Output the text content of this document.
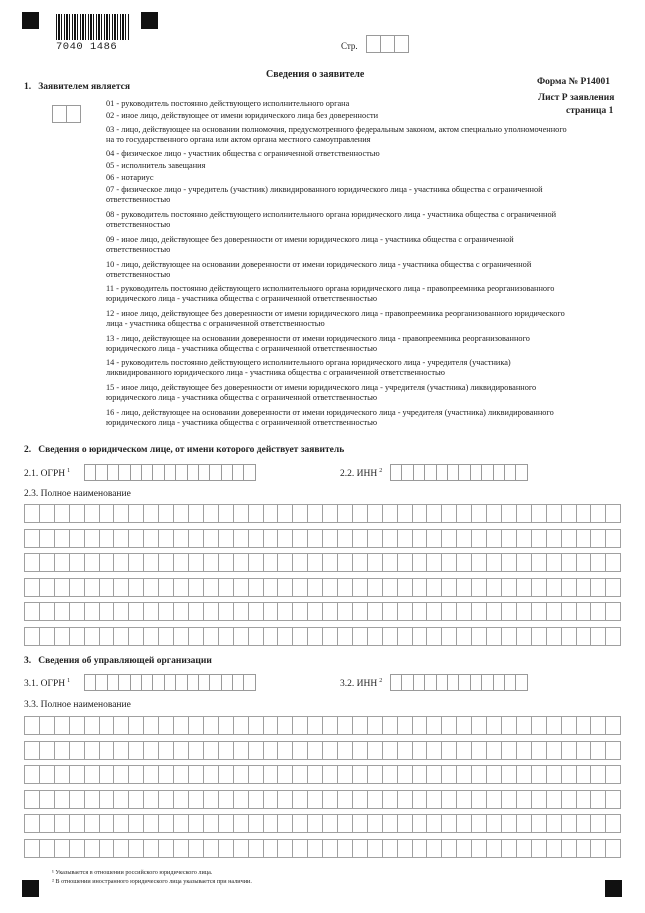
7040 1486	Стр.
Сведения о заявителе
Форма № Р14001
Лист Р заявления
страница 1
1.   Заявителем является
01 - руководитель постоянно действующего исполнительного органа
02 - иное лицо, действующее от имени юридического лица без доверенности
03 - лицо, действующее на основании полномочия, предусмотренного федеральным законом, актом специально уполномоченного на то государственного органа или актом органа местного самоуправления
04 - физическое лицо - участник общества с ограниченной ответственностью
05 - исполнитель завещания
06 - нотариус
07 - физическое лицо - учредитель (участник) ликвидированного юридического лица - участника общества с ограниченной ответственностью
08 - руководитель постоянно действующего исполнительного органа юридического лица - участника общества с ограниченной ответственностью
09 - иное лицо, действующее без доверенности от имени юридического лица - участника общества с ограниченной ответственностью
10 - лицо, действующее на основании доверенности от имени юридического лица - участника общества с ограниченной ответственностью
11 - руководитель постоянно действующего исполнительного органа юридического лица - правопреемника реорганизованного юридического лица - участника общества с ограниченной ответственностью
12 - иное лицо, действующее без доверенности от имени юридического лица - правопреемника реорганизованного юридического лица - участника общества с ограниченной ответственностью
13 - лицо, действующее на основании доверенности от имени юридического лица - правопреемника реорганизованного юридического лица - участника общества с ограниченной ответственностью
14 - руководитель постоянно действующего исполнительного органа юридического лица - учредителя (участника) ликвидированного юридического лица - участника общества с ограниченной ответственностью
15 - иное лицо, действующее без доверенности от имени юридического лица - учредителя (участника) ликвидированного юридического лица - участника общества с ограниченной ответственностью
16 - лицо, действующее на основании доверенности от имени юридического лица - учредителя (участника) ликвидированного юридического лица - участника общества с ограниченной ответственностью
2.   Сведения о юридическом лице, от имени которого действует заявитель
2.1. ОГРН $^1$	2.2. ИНН $^2$
2.3. Полное наименование
3.   Сведения об управляющей организации
3.1. ОГРН $^1$	3.2. ИНН $^2$
3.3. Полное наименование
¹ Указывается в отношении российского юридического лица.
² В отношении иностранного юридического лица указывается при наличии.
